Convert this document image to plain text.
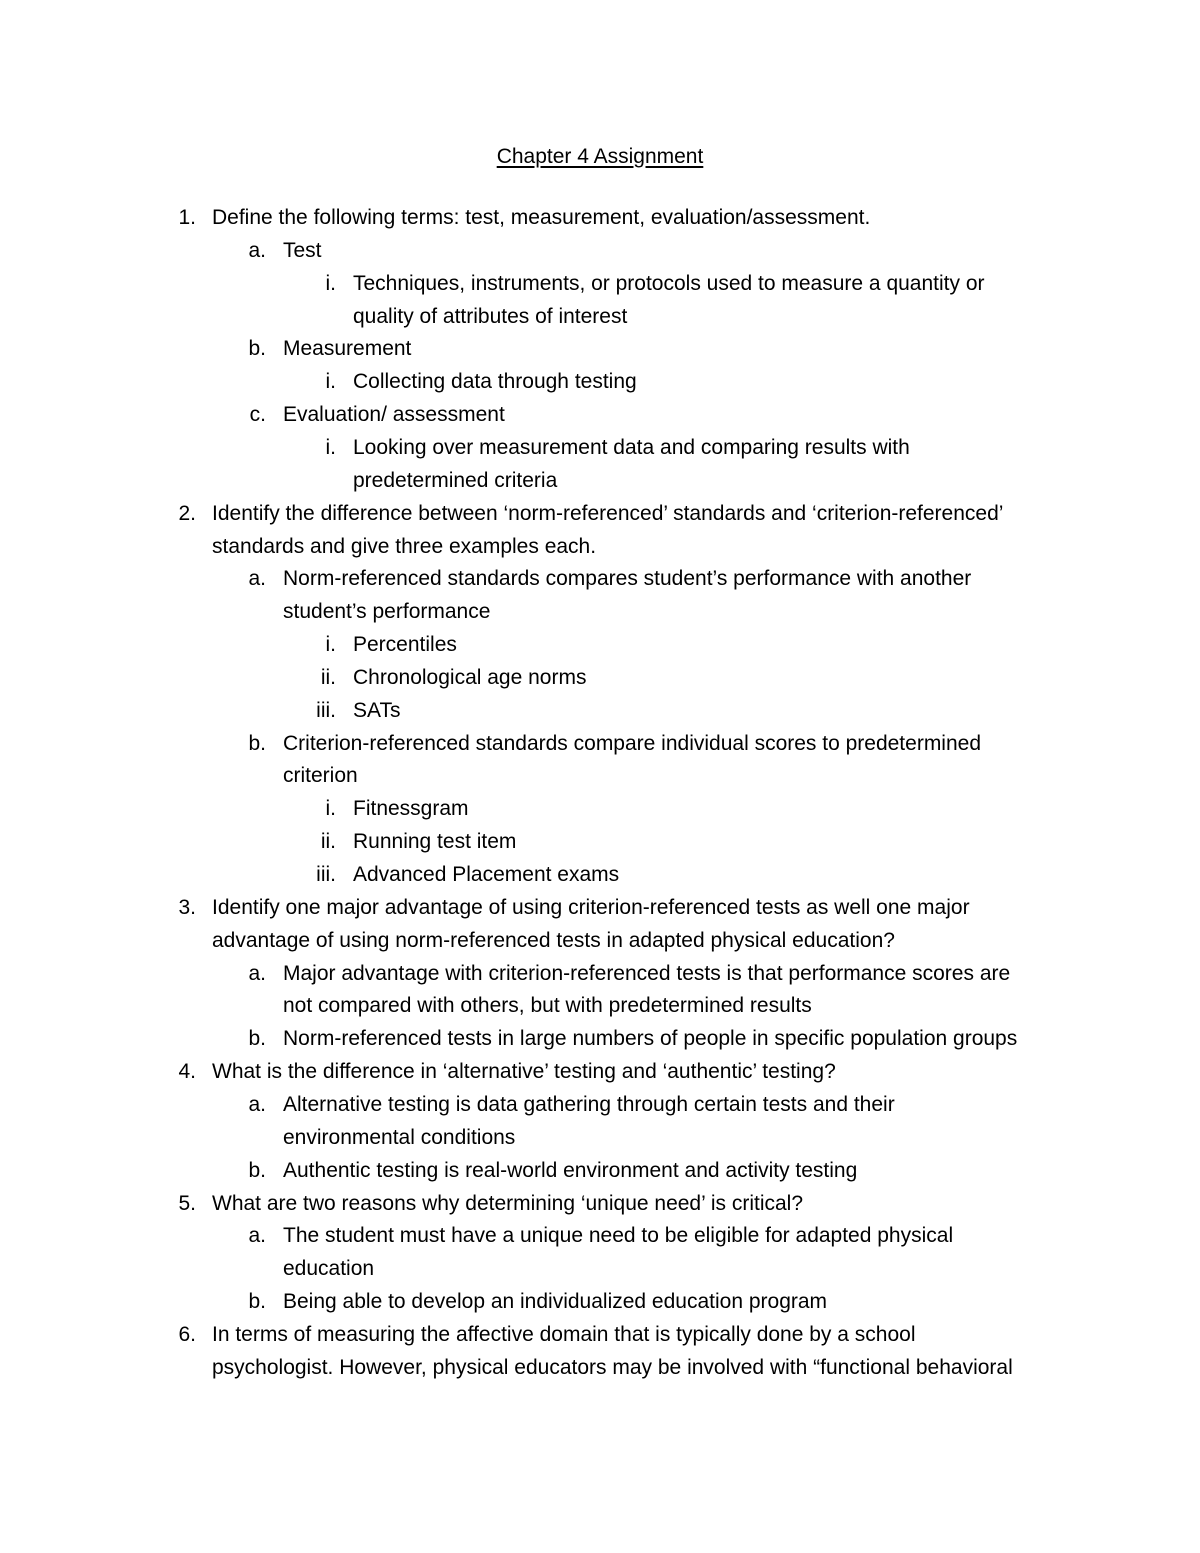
Chapter 4 Assignment
1. Define the following terms: test, measurement, evaluation/assessment.
a. Test
i. Techniques, instruments, or protocols used to measure a quantity or
quality of attributes of interest
b. Measurement
i. Collecting data through testing
c. Evaluation/ assessment
i. Looking over measurement data and comparing results with
predetermined criteria
2. Identify the difference between ‘norm-referenced’ standards and ‘criterion-referenced’
standards and give three examples each.
a. Norm-referenced standards compares student’s performance with another
student’s performance
i. Percentiles
ii. Chronological age norms
iii. SATs
b. Criterion-referenced standards compare individual scores to predetermined
criterion
i. Fitnessgram
ii. Running test item
iii. Advanced Placement exams
3. Identify one major advantage of using criterion-referenced tests as well one major
advantage of using norm-referenced tests in adapted physical education?
a. Major advantage with criterion-referenced tests is that performance scores are
not compared with others, but with predetermined results
b. Norm-referenced tests in large numbers of people in specific population groups
4. What is the difference in ‘alternative’ testing and ‘authentic’ testing?
a. Alternative testing is data gathering through certain tests and their
environmental conditions
b. Authentic testing is real-world environment and activity testing
5. What are two reasons why determining ‘unique need’ is critical?
a. The student must have a unique need to be eligible for adapted physical
education
b. Being able to develop an individualized education program
6. In terms of measuring the affective domain that is typically done by a school
psychologist. However, physical educators may be involved with “functional behavioral
